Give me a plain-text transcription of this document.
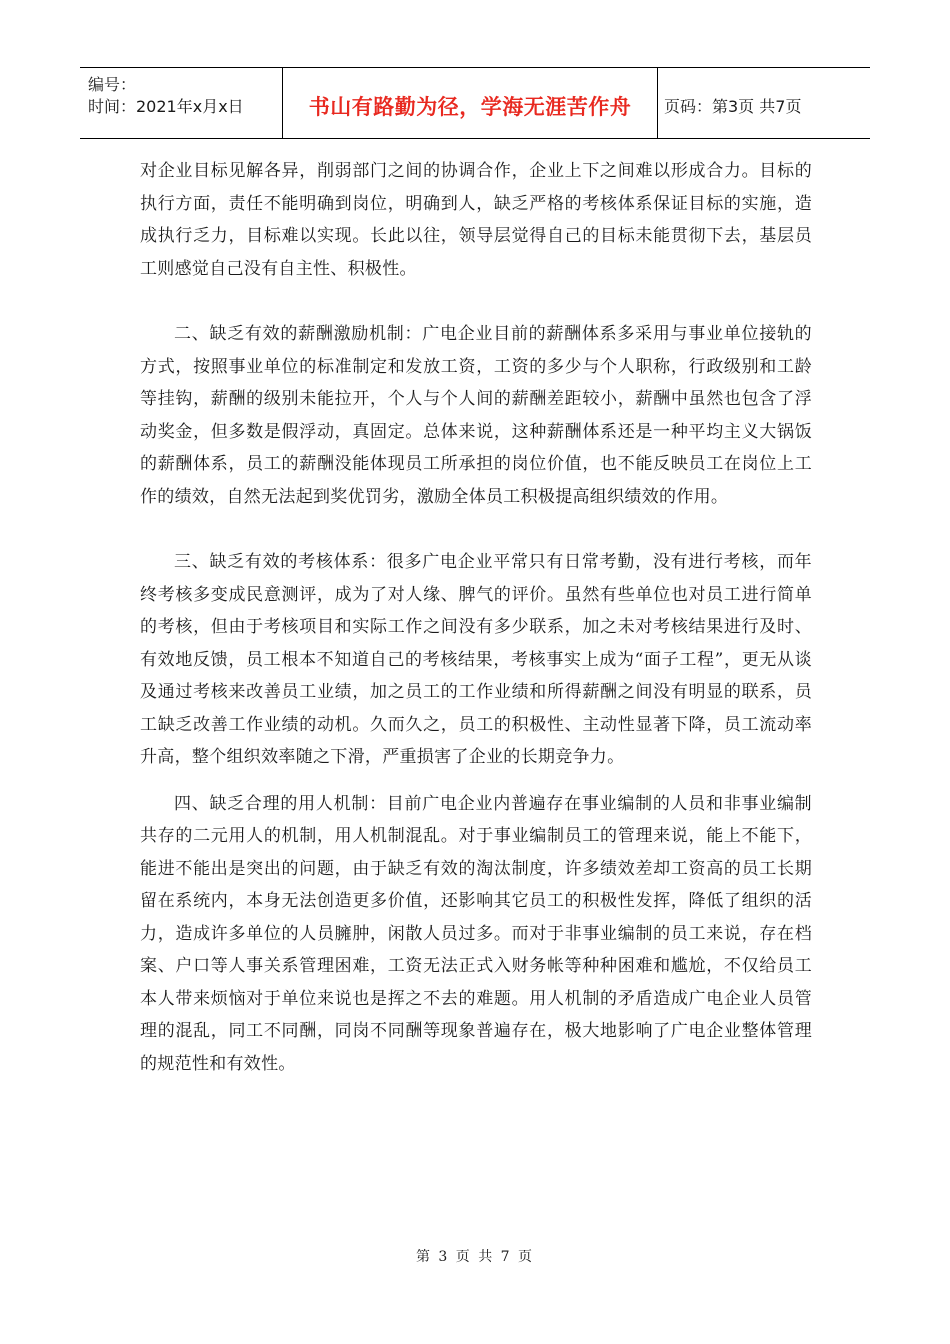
编号：
时间：2021年x月x日	书山有路勤为径，学海无涯苦作舟	页码：第3页 共7页

对企业目标见解各异，削弱部门之间的协调合作，企业上下之间难以形成合力。目标的执行方面，责任不能明确到岗位，明确到人，缺乏严格的考核体系保证目标的实施，造成执行乏力，目标难以实现。长此以往，领导层觉得自己的目标未能贯彻下去，基层员工则感觉自己没有自主性、积极性。

二、缺乏有效的薪酬激励机制：广电企业目前的薪酬体系多采用与事业单位接轨的方式，按照事业单位的标准制定和发放工资，工资的多少与个人职称，行政级别和工龄等挂钩，薪酬的级别未能拉开，个人与个人间的薪酬差距较小，薪酬中虽然也包含了浮动奖金，但多数是假浮动，真固定。总体来说，这种薪酬体系还是一种平均主义大锅饭的薪酬体系，员工的薪酬没能体现员工所承担的岗位价值，也不能反映员工在岗位上工作的绩效，自然无法起到奖优罚劣，激励全体员工积极提高组织绩效的作用。

三、缺乏有效的考核体系：很多广电企业平常只有日常考勤，没有进行考核，而年终考核多变成民意测评，成为了对人缘、脾气的评价。虽然有些单位也对员工进行简单的考核，但由于考核项目和实际工作之间没有多少联系，加之未对考核结果进行及时、有效地反馈，员工根本不知道自己的考核结果，考核事实上成为“面子工程”，更无从谈及通过考核来改善员工业绩，加之员工的工作业绩和所得薪酬之间没有明显的联系，员工缺乏改善工作业绩的动机。久而久之，员工的积极性、主动性显著下降，员工流动率升高，整个组织效率随之下滑，严重损害了企业的长期竞争力。

四、缺乏合理的用人机制：目前广电企业内普遍存在事业编制的人员和非事业编制共存的二元用人的机制，用人机制混乱。对于事业编制员工的管理来说，能上不能下，能进不能出是突出的问题，由于缺乏有效的淘汰制度，许多绩效差却工资高的员工长期留在系统内，本身无法创造更多价值，还影响其它员工的积极性发挥，降低了组织的活力，造成许多单位的人员臃肿，闲散人员过多。而对于非事业编制的员工来说，存在档案、户口等人事关系管理困难，工资无法正式入财务帐等种种困难和尴尬，不仅给员工本人带来烦恼对于单位来说也是挥之不去的难题。用人机制的矛盾造成广电企业人员管理的混乱，同工不同酬，同岗不同酬等现象普遍存在，极大地影响了广电企业整体管理的规范性和有效性。

第 3 页 共 7 页
